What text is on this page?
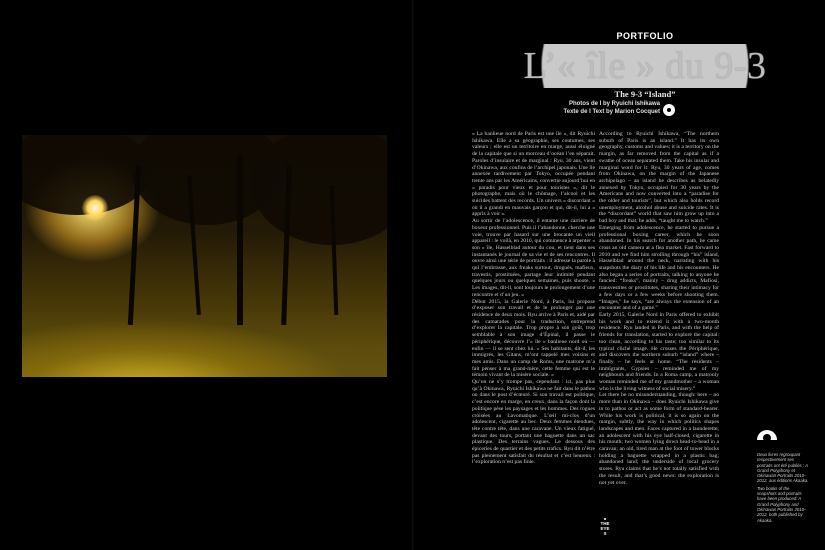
PORTFOLIO
L’« île » du 9-3
The 9-3 “Island”
Photos de I by Ryuichi Ishikawa
Texte de I Text by Marion Cocquet

« La banlieue nord de Paris est une île », dit Ryuichi Ishikawa. Elle a sa géographie, ses coutumes, ses valeurs ; elle est un territoire en marge, aussi éloigné de la capitale que si un morceau d’océan l’en séparait. Paroles d’insulaire et de marginal : Ryu, 30 ans, vient d’Okinawa, aux confins de l’archipel japonais. Une île annexée tardivement par Tokyo, occupée pendant trente ans par les Américains, convertie aujourd’hui en « paradis pour vieux et pour touristes », dit le photographe, mais où le chômage, l’alcool et les suicides battent des records. Un univers « discordant » où il a grandi en mauvais garçon et qui, dit-il, lui a « appris à voir ».

Au sortir de l’adolescence, il entame une carrière de boxeur professionnel. Puis il l’abandonne, cherche une voie, trouve par hasard sur une brocante un vieil appareil : le voilà, en 2010, qui commence à arpenter « son » île, Hasselblad autour du cou, et tient dans ses instantanés le journal de sa vie et de ses rencontres. Il ouvre ainsi une série de portraits : il adresse la parole à qui l’embrasse, aux freaks surtout, drogués, mafieux, travestis, prostituées, partage leur intimité pendant quelques jours ou quelques semaines, puis shoote. « Les images, dit-il, sont toujours le prolongement d’une rencontre et d’un jeu. »

Début 2015, la Galerie Nord, à Paris, lui propose d’exposer son travail et de le prolonger par une résidence de deux mois. Ryu arrive à Paris et, aidé par des camarades pour la traduction, entreprend d’explorer la capitale. Trop propre à son goût, trop semblable à son image d’Épinal, il passe le périphérique, découvre l’« île » banlieue nord où — enfin — il se sent chez lui. « Ses habitants, dit-il, les immigrés, les Gitans, m’ont rappelé mes voisins et mes amis. Dans un camp de Roms, une matrone m’a fait penser à ma grand-mère, cette femme qui est le témoin vivant de la misère sociale. »

Qu’on ne s’y trompe pas, cependant : ici, pas plus qu’à Okinawa, Ryuichi Ishikawa ne fait dans le pathos ou dans le post d’écœuré. Si son travail est politique, c’est encore en marge, en creux, dans la façon dont la politique pèse les paysages et les hommes. Des rogues croisées au Lavomatique. L’œil mi-clos d’un adolescent, cigarette au bec. Deux femmes étendues, tête contre tête, dans une caravane. Un vieux fatigué, devant des tours, portant une baguette dans un sac plastique. Des terrains vagues. Le dessous des épiceries de quartier et des petits trafics. Ryu dit n’être pas pleinement satisfait du résultat et c’est heureux : l’exploration n’est pas finie.

According to Ryuichi Ishikawa, “The northern suburb of Paris is an island.” It has its own geography, customs and values; it is a territory on the margin, as far removed from the capital as if a swathe of ocean separated them. Take his insular and marginal word for it: Ryu, 30 years of age, comes from Okinawa, on the margin of the Japanese archipelago – an island he describes as belatedly annexed by Tokyo, occupied for 30 years by the Americans and now converted into a “paradise for the older and tourists”, but which also holds record unemployment, alcohol abuse and suicide rates. It is the “discordant” world that saw him grow up into a bad boy and that, he adds, “taught me to watch.”

Emerging from adolescence, he started to pursue a professional boxing career, which he soon abandoned. In his search for another path, he came cross an old camera at a flea market. Fast forward to 2010 and we find him strolling through “his” island, Hasselblad around the neck, narrating with his snapshots the diary of his life and his encounters. He also began a series of portraits, talking to anyone he fancied: “freaks”, mainly – drug addicts, Mafiosi, transvestites or prostitutes, sharing their intimacy for a few days or a few weeks before shooting them. “Images,” he says, “are always the extension of an encounter and of a game.”

Early 2015, Galerie Nord in Paris offered to exhibit his work and to extend it with a two-month residence. Ryu landed in Paris, and with the help of friends for translation, started to explore the capital: too clean, according to his taste; too similar to its typical cliché image. He crosses the Périphérique, and discovers the northern suburb “island” where – finally – he feels at home. “The residents – immigrants, Gypsies – reminded me of my neighbours and friends. In a Roma camp, a matronly woman reminded me of my grandmother – a woman who is the living witness of social misery.”

Let there be no misunderstanding, though: here – no more than in Okinawa – does Ryuichi Ishikawa give in to pathos or act as some form of standard-bearer. While his work is political, it is so again on the margin, subtly, the way in which politics shapes landscapes and men. Faces captured in a launderette; an adolescent with his eye half-closed, cigarette in his mouth; two women lying down head-to-head in a caravan; an old, tired man at the foot of tower blocks holding a baguette wrapped in a plastic bag; abandoned land; the underside of local grocery stores. Ryu claims that he’s not totally satisfied with the result, and that’s good news: the exploration is not yet over.

Deux livres regroupant respectivement ses portraits ont été publiés : A Grand Polyphony et Okinawan Portraits 2010–2012, aux éditions Akaaka.

Two books of the snapshots and portraits have been produced: A Grand Polyphony and Okinawan Portraits 2010–2012, both published by Akaaka.

THE
EYE
S
